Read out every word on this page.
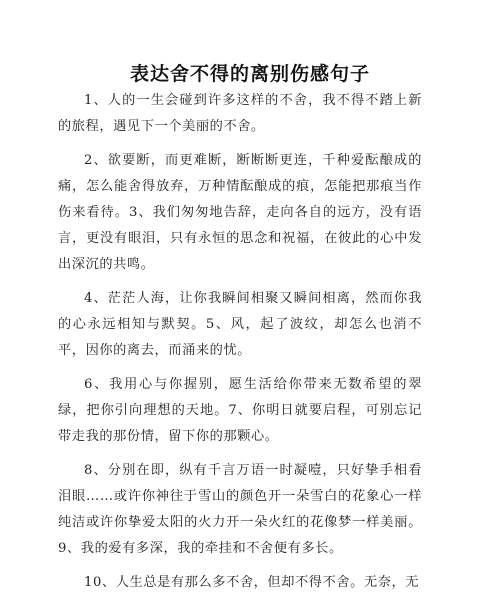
表达舍不得的离别伤感句子

1、人的一生会碰到许多这样的不舍，我不得不踏上新的旅程，遇见下一个美丽的不舍。

2、欲要断，而更难断，断断断更连，千种爱酝酿成的痛，怎么能舍得放弃，万种情酝酿成的痕，怎能把那痕当作伤来看待。3、我们匆匆地告辞，走向各自的远方，没有语言，更没有眼泪，只有永恒的思念和祝福，在彼此的心中发出深沉的共鸣。

4、茫茫人海，让你我瞬间相聚又瞬间相离，然而你我的心永远相知与默契。5、风，起了波纹，却怎么也消不平，因你的离去，而涌来的忧。

6、我用心与你握别，愿生活给你带来无数希望的翠绿，把你引向理想的天地。7、你明日就要启程，可别忘记带走我的那份情，留下你的那颗心。

8、分别在即，纵有千言万语一时凝噎，只好挚手相看泪眼……或许你神往于雪山的颜色开一朵雪白的花象心一样纯洁或许你挚爱太阳的火力开一朵火红的花像梦一样美丽。9、我的爱有多深，我的牵挂和不舍便有多长。

10、人生总是有那么多不舍，但却不得不舍。无奈，无
